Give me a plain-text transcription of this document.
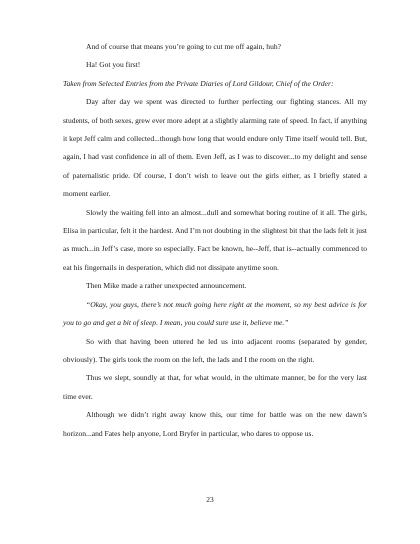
And of course that means you’re going to cut me off again, huh?

Ha! Got you first!

Taken from Selected Entries from the Private Diaries of Lord Gildour, Chief of the Order:

Day after day we spent was directed to further perfecting our fighting stances. All my students, of both sexes, grew ever more adept at a slightly alarming rate of speed. In fact, if anything it kept Jeff calm and collected...though how long that would endure only Time itself would tell. But, again, I had vast confidence in all of them. Even Jeff, as I was to discover...to my delight and sense of paternalistic pride. Of course, I don’t wish to leave out the girls either, as I briefly stated a moment earlier.

Slowly the waiting fell into an almost...dull and somewhat boring routine of it all. The girls, Elisa in particular, felt it the hardest. And I’m not doubting in the slightest bit that the lads felt it just as much...in Jeff’s case, more so especially. Fact be known, he--Jeff, that is--actually commenced to eat his fingernails in desperation, which did not dissipate anytime soon.

Then Mike made a rather unexpected announcement.

“Okay, you guys, there’s not much going here right at the moment, so my best advice is for you to go and get a bit of sleep. I mean, you could sure use it, believe me.”

So with that having been uttered he led us into adjacent rooms (separated by gender, obviously). The girls took the room on the left, the lads and I the room on the right.

Thus we slept, soundly at that, for what would, in the ultimate manner, be for the very last time ever.

Although we didn’t right away know this, our time for battle was on the new dawn’s horizon...and Fates help anyone, Lord Bryfer in particular, who dares to oppose us.

23
